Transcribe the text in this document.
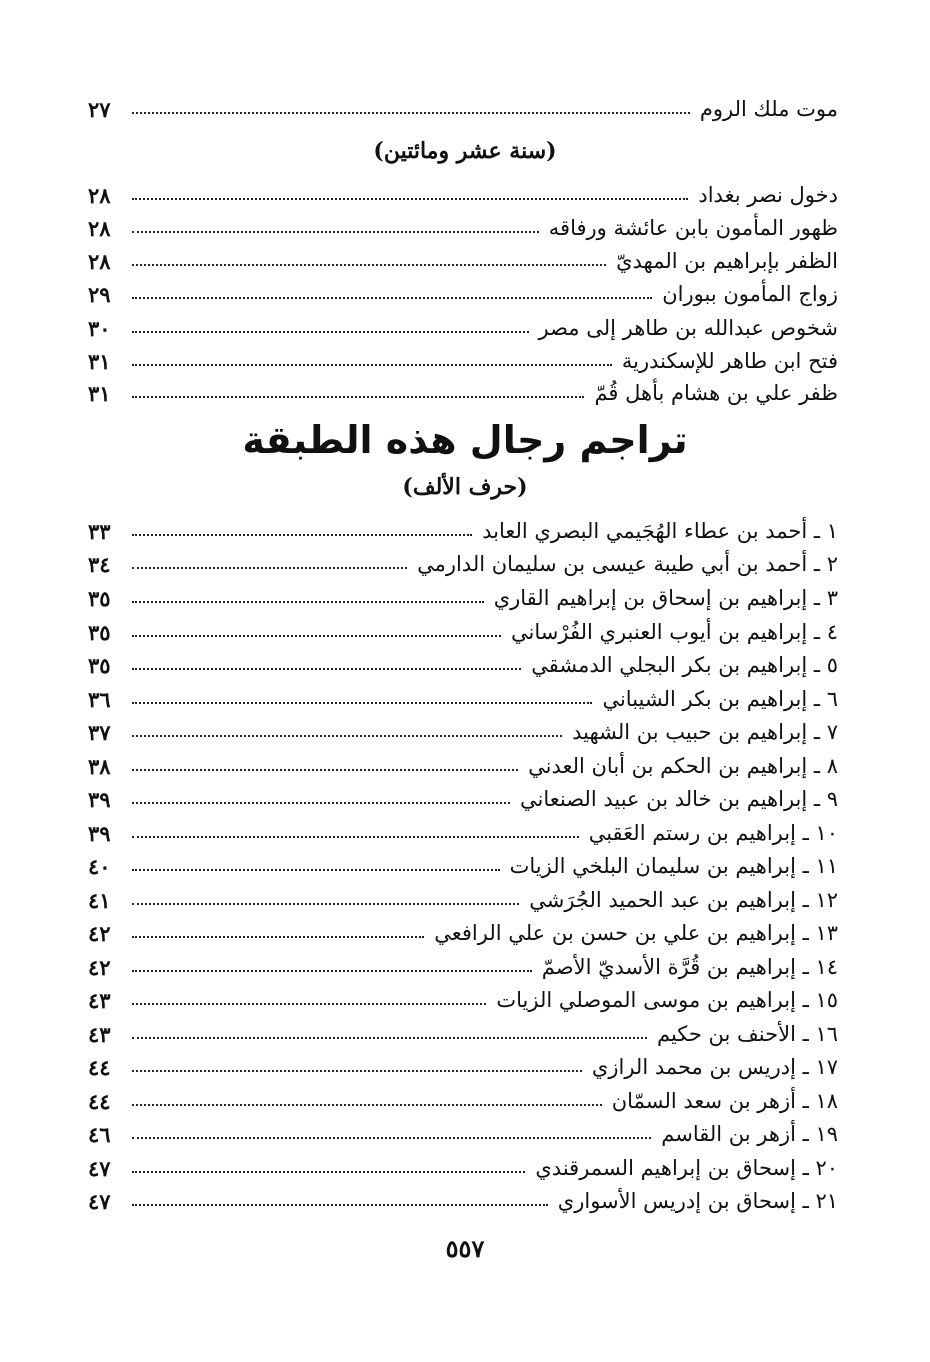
موت ملك الروم
٢٧
(سنة عشر ومائتين)
دخول نصر بغداد
٢٨
ظهور المأمون بابن عائشة ورفاقه
٢٨
الظفر بإبراهيم بن المهديّ
٢٨
زواج المأمون ببوران
٢٩
شخوص عبدالله بن طاهر إلى مصر
٣٠
فتح ابن طاهر للإسكندرية
٣١
ظفر علي بن هشام بأهل قُمّ
٣١
تراجم رجال هذه الطبقة
(حرف الألف)
١ ـ أحمد بن عطاء الهُجَيمي البصري العابد
٣٣
٢ ـ أحمد بن أبي طيبة عيسى بن سليمان الدارمي
٣٤
٣ ـ إبراهيم بن إسحاق بن إبراهيم القاري
٣٥
٤ ـ إبراهيم بن أيوب العنبري الفُرْساني
٣٥
٥ ـ إبراهيم بن بكر البجلي الدمشقي
٣٥
٦ ـ إبراهيم بن بكر الشيباني
٣٦
٧ ـ إبراهيم بن حبيب بن الشهيد
٣٧
٨ ـ إبراهيم بن الحكم بن أبان العدني
٣٨
٩ ـ إبراهيم بن خالد بن عبيد الصنعاني
٣٩
١٠ ـ إبراهيم بن رستم العَقبي
٣٩
١١ ـ إبراهيم بن سليمان البلخي الزيات
٤٠
١٢ ـ إبراهيم بن عبد الحميد الجُرَشي
٤١
١٣ ـ إبراهيم بن علي بن حسن بن علي الرافعي
٤٢
١٤ ـ إبراهيم بن قُرَّة الأسديّ الأصمّ
٤٢
١٥ ـ إبراهيم بن موسى الموصلي الزيات
٤٣
١٦ ـ الأحنف بن حكيم
٤٣
١٧ ـ إدريس بن محمد الرازي
٤٤
١٨ ـ أزهر بن سعد السمّان
٤٤
١٩ ـ أزهر بن القاسم
٤٦
٢٠ ـ إسحاق بن إبراهيم السمرقندي
٤٧
٢١ ـ إسحاق بن إدريس الأسواري
٤٧
٥٥٧
